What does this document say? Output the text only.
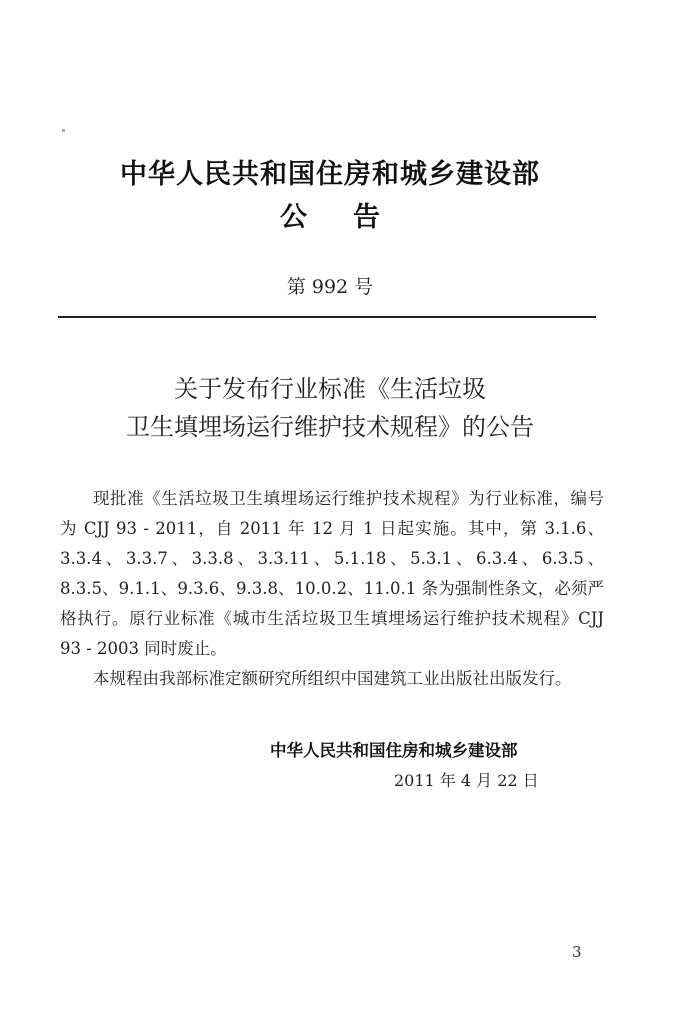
中华人民共和国住房和城乡建设部
公告
第 992 号
关于发布行业标准《生活垃圾
卫生填埋场运行维护技术规程》的公告

现批准《生活垃圾卫生填埋场运行维护技术规程》为行业标准，编号为 CJJ 93 - 2011，自 2011 年 12 月 1 日起实施。其中，第 3.1.6、3.3.4、3.3.7、3.3.8、3.3.11、5.1.18、5.3.1、6.3.4、6.3.5、8.3.5、9.1.1、9.3.6、9.3.8、10.0.2、11.0.1 条为强制性条文，必须严格执行。原行业标准《城市生活垃圾卫生填埋场运行维护技术规程》CJJ 93 - 2003 同时废止。

本规程由我部标准定额研究所组织中国建筑工业出版社出版发行。

中华人民共和国住房和城乡建设部
2011 年 4 月 22 日
3
